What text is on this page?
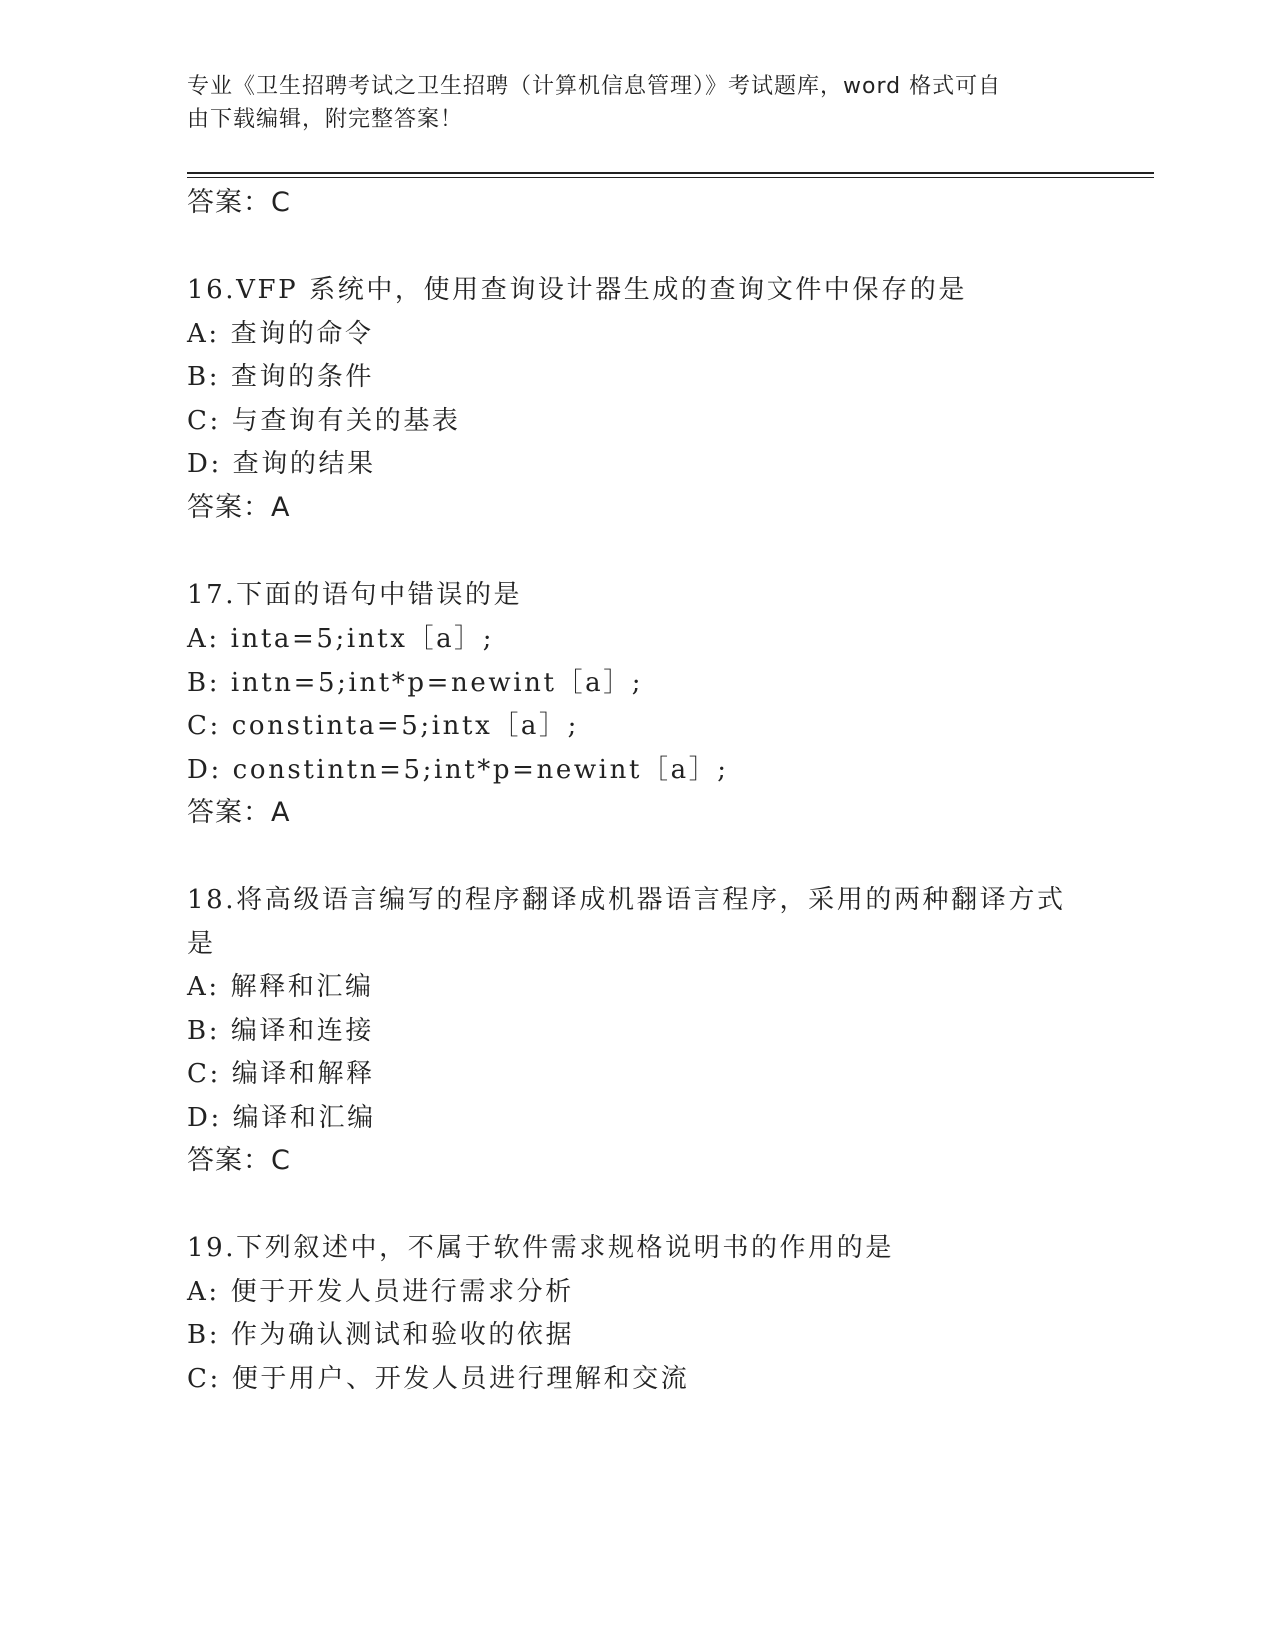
专业《卫生招聘考试之卫生招聘（计算机信息管理）》考试题库，word 格式可自
由下载编辑，附完整答案！
答案：C
16.VFP 系统中，使用查询设计器生成的查询文件中保存的是
A: 查询的命令
B: 查询的条件
C: 与查询有关的基表
D: 查询的结果
答案：A
17.下面的语句中错误的是
A: inta=5;intx［a］;
B: intn=5;int*p=newint［a］;
C: constinta=5;intx［a］;
D: constintn=5;int*p=newint［a］;
答案：A
18.将高级语言编写的程序翻译成机器语言程序，采用的两种翻译方式
是
A: 解释和汇编
B: 编译和连接
C: 编译和解释
D: 编译和汇编
答案：C
19.下列叙述中，不属于软件需求规格说明书的作用的是
A: 便于开发人员进行需求分析
B: 作为确认测试和验收的依据
C: 便于用户、开发人员进行理解和交流
